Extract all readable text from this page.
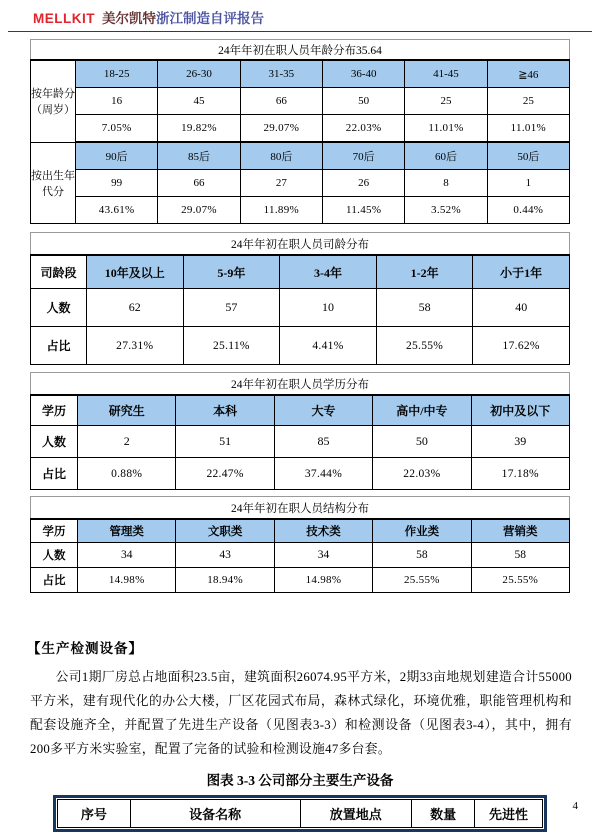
MELLKIT 美尔凯特浙江制造自评报告
24年年初在职人员年龄分布35.64						
按年龄分（周岁）	18-25	26-30	31-35	36-40	41-45	≧46
	16	45	66	50	25	25
	7.05%	19.82%	29.07%	22.03%	11.01%	11.01%
按出生年代分	90后	85后	80后	70后	60后	50后
	99	66	27	26	8	1
	43.61%	29.07%	11.89%	11.45%	3.52%	0.44%
24年年初在职人员司龄分布					
司龄段	10年及以上	5-9年	3-4年	1-2年	小于1年
人数	62	57	10	58	40
占比	27.31%	25.11%	4.41%	25.55%	17.62%
24年年初在职人员学历分布					
学历	研究生	本科	大专	高中/中专	初中及以下
人数	2	51	85	50	39
占比	0.88%	22.47%	37.44%	22.03%	17.18%
24年年初在职人员结构分布					
学历	管理类	文职类	技术类	作业类	营销类
人数	34	43	34	58	58
占比	14.98%	18.94%	14.98%	25.55%	25.55%
【生产检测设备】

公司1期厂房总占地面积23.5亩，建筑面积26074.95平方米，2期33亩地规划建造合计55000平方米，建有现代化的办公大楼，厂区花园式布局，森林式绿化，环境优雅，职能管理机构和配套设施齐全，并配置了先进生产设备（见图表3-3）和检测设备（见图表3-4），其中，拥有200多平方米实验室，配置了完备的试验和检测设施47多台套。

图表 3-3 公司部分主要生产设备
序号	设备名称	放置地点	数量	先进性
4
